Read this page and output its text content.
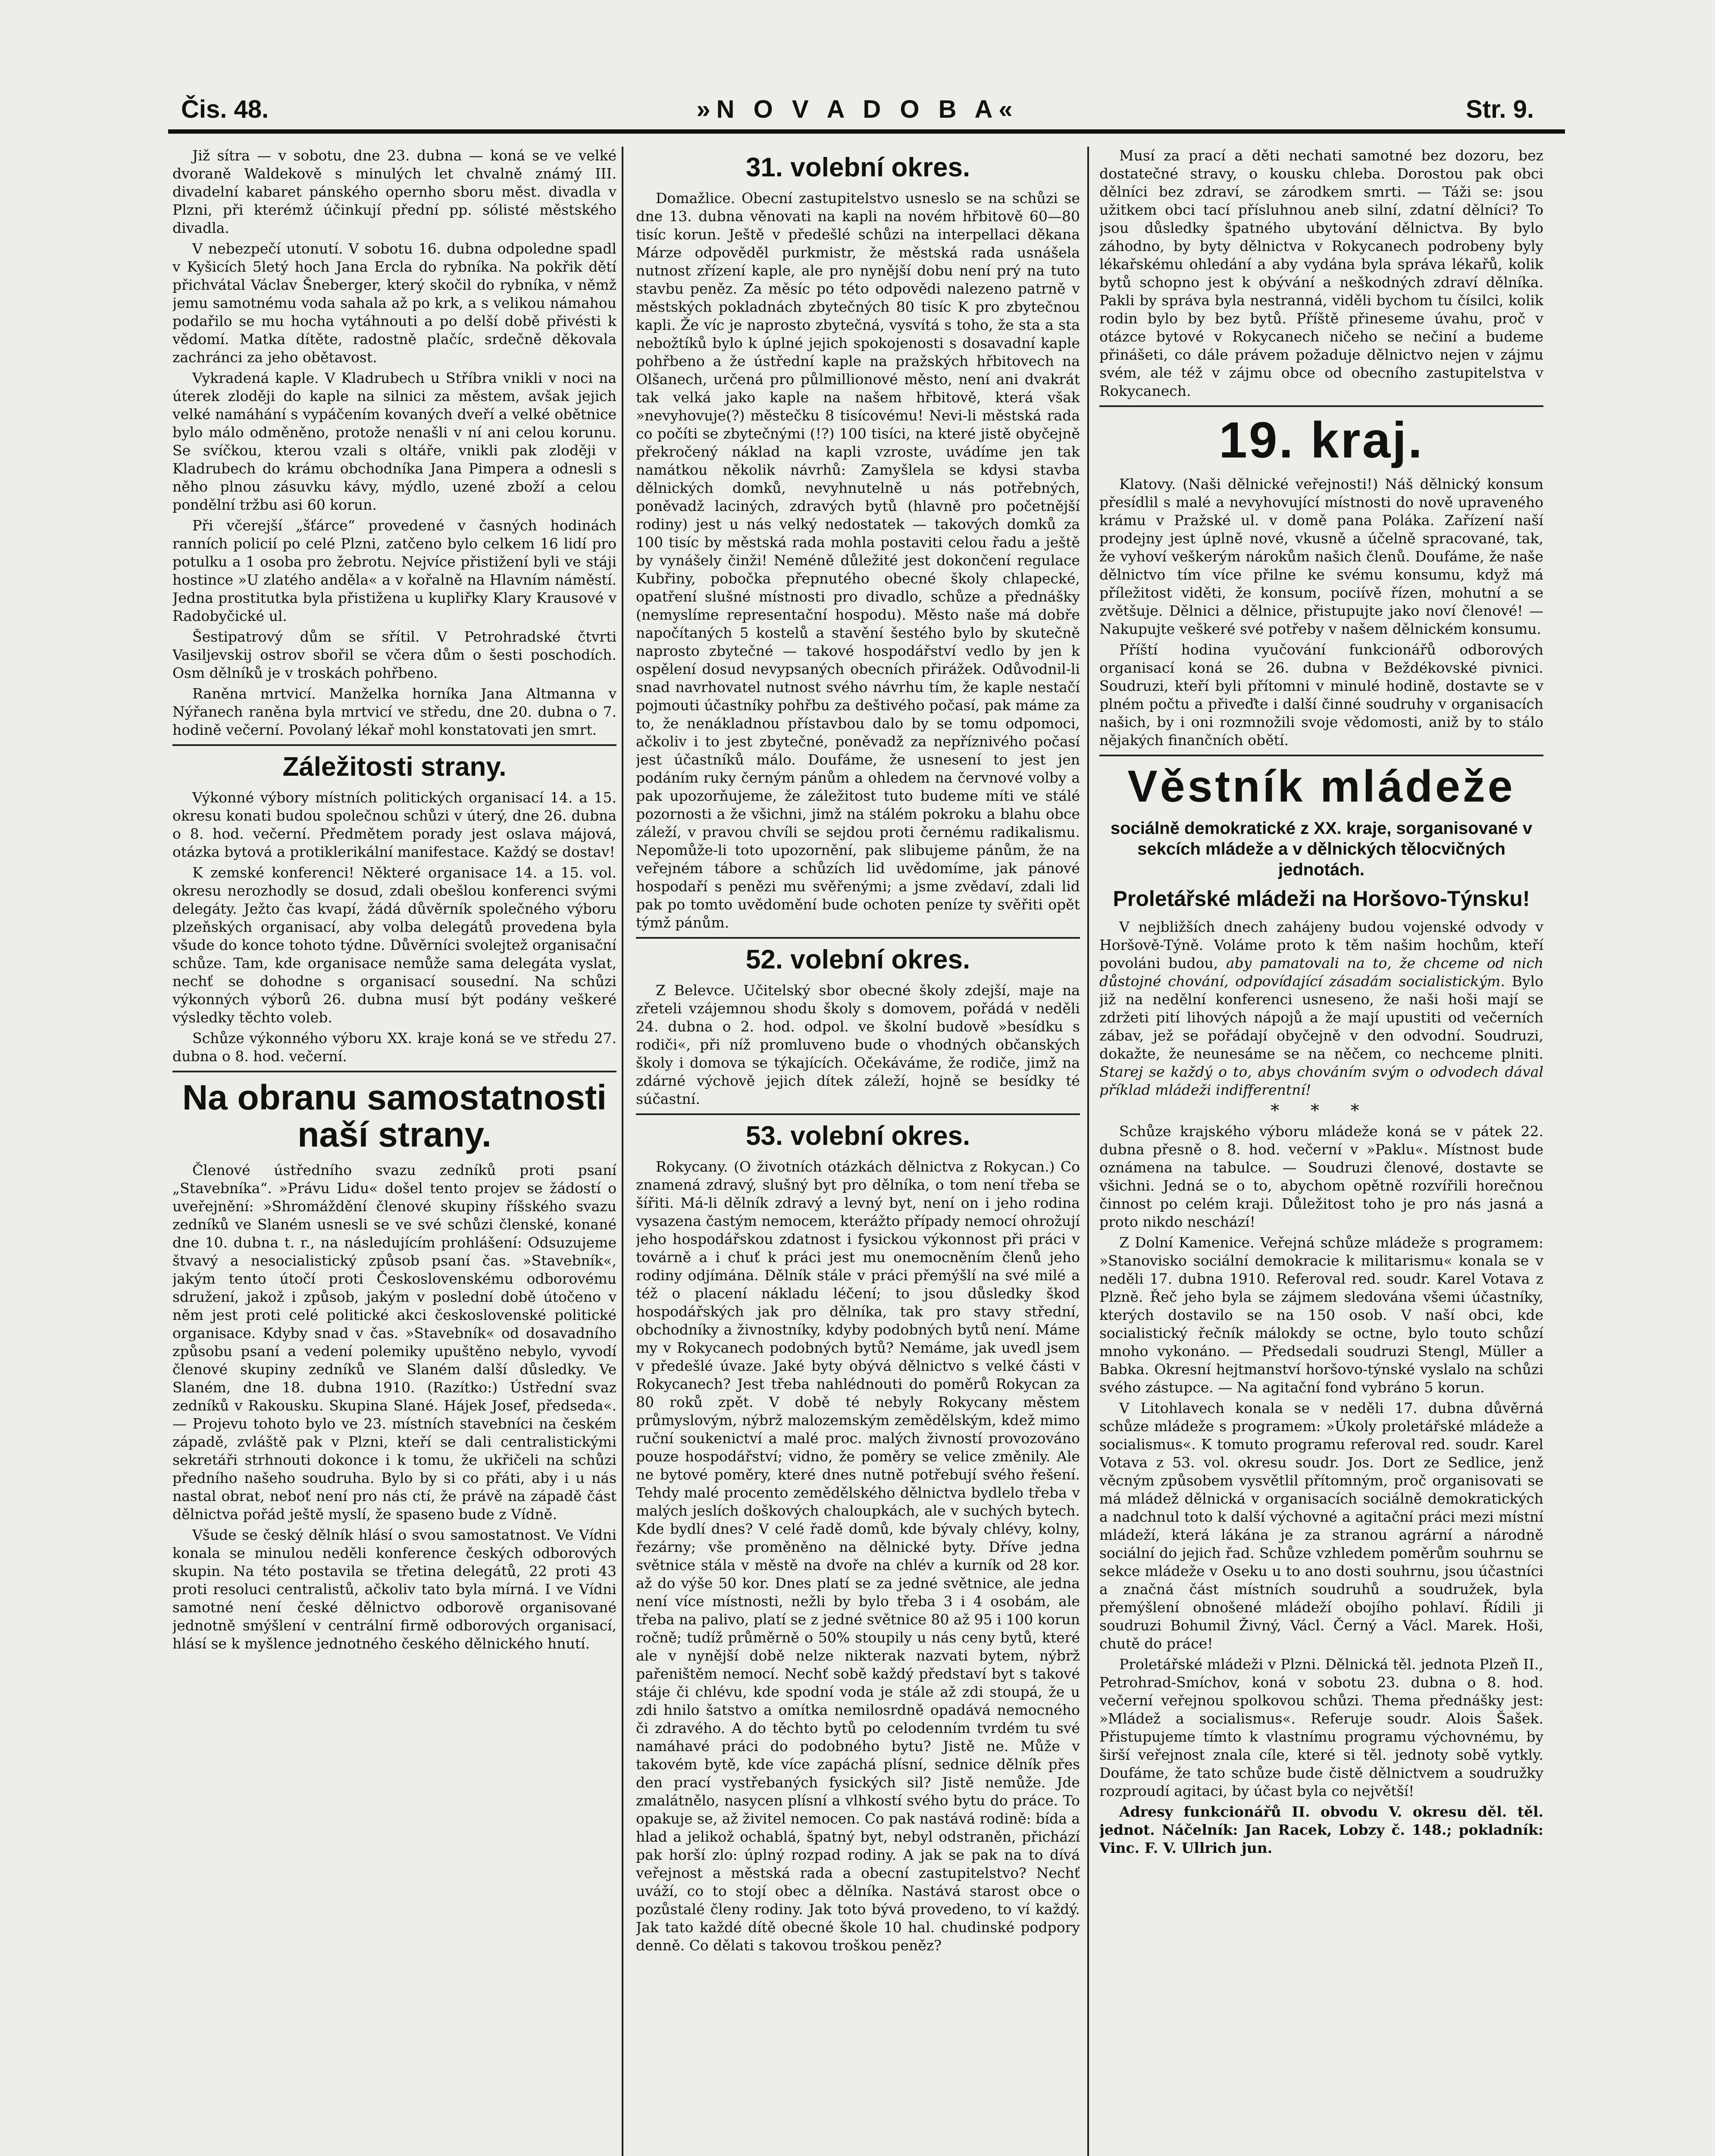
Čis. 48.	»N O V A D O B A«	Str. 9.

Již sítra — v sobotu, dne 23. dubna — koná se ve velké dvoraně Waldekově s minulých let chvalně známý III. divadelní kabaret pánského opernho sboru měst. divadla v Plzni, při kterémž účinkují přední pp. sólisté městského divadla.

V nebezpečí utonutí. V sobotu 16. dubna odpoledne spadl v Kyšicích 5letý hoch Jana Ercla do rybníka. Na pokřik dětí přichvátal Václav Šneberger, který skočil do rybníka, v němž jemu samotnému voda sahala až po krk, a s velikou námahou podařilo se mu hocha vytáhnouti a po delší době přivésti k vědomí. Matka dítěte, radostně plačíc, srdečně děkovala zachránci za jeho obětavost.

Vykradená kaple. V Kladrubech u Stříbra vnikli v noci na úterek zloději do kaple na silnici za městem, avšak jejich velké namáhání s vypáčením kovaných dveří a velké obětnice bylo málo odměněno, protože nenašli v ní ani celou korunu. Se svíčkou, kterou vzali s oltáře, vnikli pak zloději v Kladrubech do krámu obchodníka Jana Pimpera a odnesli s něho plnou zásuvku kávy, mýdlo, uzené zboží a celou pondělní tržbu asi 60 korun.

Při včerejší „šťárce“ provedené v časných hodinách ranních policií po celé Plzni, zatčeno bylo celkem 16 lidí pro potulku a 1 osoba pro žebrotu. Nejvíce přistižení byli ve stáji hostince »U zlatého anděla« a v kořalně na Hlavním náměstí. Jedna prostitutka byla přistižena u kupliřky Klary Krausové v Radobyčické ul.

Šestipatrový dům se sřítil. V Petrohradské čtvrti Vasiljevskij ostrov sbořil se včera dům o šesti poschodích. Osm dělníků je v troskách pohřbeno.

Raněna mrtvicí. Manželka horníka Jana Altmanna v Nýřanech raněna byla mrtvicí ve středu, dne 20. dubna o 7. hodině večerní. Povolaný lékař mohl konstatovati jen smrt.

Záležitosti strany.

Výkonné výbory místních politických organisací 14. a 15. okresu konati budou společnou schůzi v úterý, dne 26. dubna o 8. hod. večerní. Předmětem porady jest oslava májová, otázka bytová a protiklerikální manifestace. Každý se dostav!

K zemské konferenci! Některé organisace 14. a 15. vol. okresu nerozhodly se dosud, zdali obešlou konferenci svými delegáty. Ježto čas kvapí, žádá důvěrník společného výboru plzeňských organisací, aby volba delegátů provedena byla všude do konce tohoto týdne. Důvěrníci svolejtež organisační schůze. Tam, kde organisace nemůže sama delegáta vyslat, nechť se dohodne s organisací sousední. Na schůzi výkonných výborů 26. dubna musí být podány veškeré výsledky těchto voleb.

Schůze výkonného výboru XX. kraje koná se ve středu 27. dubna o 8. hod. večerní.

Na obranu samostatnosti naší strany.

Členové ústředního svazu zedníků proti psaní „Stavebníka“. »Právu Lidu« došel tento projev se žádostí o uveřejnění: »Shromáždění členové skupiny říšského svazu zedníků ve Slaném usnesli se ve své schůzi členské, konané dne 10. dubna t. r., na následujícím prohlášení: Odsuzujeme štvavý a nesocialistický způsob psaní čas. »Stavebník«, jakým tento útočí proti Československému odborovému sdružení, jakož i způsob, jakým v poslední době útočeno v něm jest proti celé politické akci československé politické organisace. Kdyby snad v čas. »Stavebník« od dosavadního způsobu psaní a vedení polemiky upuštěno nebylo, vyvodí členové skupiny zedníků ve Slaném další důsledky. Ve Slaném, dne 18. dubna 1910. (Razítko:) Ústřední svaz zedníků v Rakousku. Skupina Slané. Hájek Josef, předseda«. — Projevu tohoto bylo ve 23. místních stavebníci na českém západě, zvláště pak v Plzni, kteří se dali centralistickými sekretáři strhnouti dokonce i k tomu, že ukřičeli na schůzi předního našeho soudruha. Bylo by si co přáti, aby i u nás nastal obrat, neboť není pro nás ctí, že právě na západě část dělnictva pořád ještě myslí, že spaseno bude z Vídně.

Všude se český dělník hlásí o svou samostatnost. Ve Vídni konala se minulou neděli konference českých odborových skupin. Na této postavila se třetina delegátů, 22 proti 43 proti resoluci centralistů, ačkoliv tato byla mírná. I ve Vídni samotné není české dělnictvo odborově organisované jednotně smýšlení v centrální firmě odborových organisací, hlásí se k myšlence jednotného českého dělnického hnutí.

31. volební okres.

Domažlice. Obecní zastupitelstvo usneslo se na schůzi se dne 13. dubna věnovati na kapli na novém hřbitově 60—80 tisíc korun. Ještě v předešlé schůzi na interpellaci děkana Márze odpověděl purkmistr, že městská rada usnášela nutnost zřízení kaple, ale pro nynější dobu není prý na tuto stavbu peněz. Za měsíc po této odpovědi nalezeno patrně v městských pokladnách zbytečných 80 tisíc K pro zbytečnou kapli. Že víc je naprosto zbytečná, vysvítá s toho, že sta a sta nebožtíků bylo k úplné jejich spokojenosti s dosavadní kaple pohřbeno a že ústřední kaple na pražských hřbitovech na Olšanech, určená pro půlmillionové město, není ani dvakrát tak velká jako kaple na našem hřbitově, která však »nevyhovuje(?) městečku 8 tisícovému! Nevi-li městská rada co počíti se zbytečnými (!?) 100 tisíci, na které jistě obyčejně překročený náklad na kapli vzroste, uvádíme jen tak namátkou několik návrhů: Zamyšlela se kdysi stavba dělnických domků, nevyhnutelně u nás potřebných, poněvadž laciných, zdravých bytů (hlavně pro početnější rodiny) jest u nás velký nedostatek — takových domků za 100 tisíc by městská rada mohla postaviti celou řadu a ještě by vynášely činži! Neméně důležité jest dokončení regulace Kubřiny, pobočka přepnutého obecné školy chlapecké, opatření slušné místnosti pro divadlo, schůze a přednášky (nemyslíme representační hospodu). Město naše má dobře napočítaných 5 kostelů a stavění šestého bylo by skutečně naprosto zbytečné — takové hospodářství vedlo by jen k ospělení dosud nevypsaných obecních přirážek. Odůvodnil-li snad navrhovatel nutnost svého návrhu tím, že kaple nestačí pojmouti účastníky pohřbu za deštivého počasí, pak máme za to, že nenákladnou přístavbou dalo by se tomu odpomoci, ačkoliv i to jest zbytečné, poněvadž za nepříznivého počasí jest účastníků málo. Doufáme, že usnesení to jest jen podáním ruky černým pánům a ohledem na červnové volby a pak upozorňujeme, že záležitost tuto budeme míti ve stálé pozornosti a že všichni, jimž na stálém pokroku a blahu obce záleží, v pravou chvíli se sejdou proti černému radikalismu. Nepomůže-li toto upozornění, pak slibujeme pánům, že na veřejném tábore a schůzích lid uvědomíme, jak pánové hospodaří s penězi mu svěřenými; a jsme zvědaví, zdali lid pak po tomto uvědomění bude ochoten peníze ty svěřiti opět týmž pánům.

52. volební okres.

Z Belevce. Učitelský sbor obecné školy zdejší, maje na zřeteli vzájemnou shodu školy s domovem, pořádá v neděli 24. dubna o 2. hod. odpol. ve školní budově »besídku s rodiči«, při níž promluveno bude o vhodných občanských školy i domova se týkajících. Očekáváme, že rodiče, jimž na zdárné výchově jejich dítek záleží, hojně se besídky té súčastní.

53. volební okres.

Rokycany. (O životních otázkách dělnictva z Rokycan.) Co znamená zdravý, slušný byt pro dělníka, o tom není třeba se šířiti. Má-li dělník zdravý a levný byt, není on i jeho rodina vysazena častým nemocem, kterážto případy nemocí ohrožují jeho hospodářskou zdatnost i fysickou výkonnost při práci v továrně a i chuť k práci jest mu onemocněním členů jeho rodiny odjímána. Dělník stále v práci přemýšlí na své milé a též o placení nákladu léčení; to jsou důsledky škod hospodářských jak pro dělníka, tak pro stavy střední, obchodníky a živnostníky, kdyby podobných bytů není. Máme my v Rokycanech podobných bytů? Nemáme, jak uvedl jsem v předešlé úvaze. Jaké byty obývá dělnictvo s velké části v Rokycanech? Jest třeba nahlédnouti do poměrů Rokycan za 80 roků zpět. V době té nebyly Rokycany městem průmyslovým, nýbrž malozemským zemědělským, kdež mimo ruční soukenictví a malé proc. malých živností provozováno pouze hospodářství; vidno, že poměry se velice změnily. Ale ne bytové poměry, které dnes nutně potřebují svého řešení. Tehdy malé procento zemědělského dělnictva bydlelo třeba v malých jeslích doškových chaloupkách, ale v suchých bytech. Kde bydlí dnes? V celé řadě domů, kde bývaly chlévy, kolny, řezárny; vše proměněno na dělnické byty. Dříve jedna světnice stála v městě na dvoře na chlév a kurník od 28 kor. až do výše 50 kor. Dnes platí se za jedné světnice, ale jedna není více místnosti, nežli by bylo třeba 3 i 4 osobám, ale třeba na palivo, platí se z jedné světnice 80 až 95 i 100 korun ročně; tudíž průměrně o 50% stoupily u nás ceny bytů, které ale v nynější době nelze nikterak nazvati bytem, nýbrž pařeništěm nemocí. Nechť sobě každý představí byt s takové stáje či chlévu, kde spodní voda je stále až zdi stoupá, že u zdi hnilo šatstvo a omítka nemilosrdně opadává nemocného či zdravého. A do těchto bytů po celodenním tvrdém tu své namáhavé práci do podobného bytu? Jistě ne. Může v takovém bytě, kde více zapáchá plísní, sednice dělník přes den prací vystřebaných fysických sil? Jistě nemůže. Jde zmalátnělo, nasycen plísní a vlhkostí svého bytu do práce. To opakuje se, až živitel nemocen. Co pak nastává rodině: bída a hlad a jelikož ochablá, špatný byt, nebyl odstraněn, přichází pak horší zlo: úplný rozpad rodiny. A jak se pak na to dívá veřejnost a městská rada a obecní zastupitelstvo? Nechť uváží, co to stojí obec a dělníka. Nastává starost obce o pozůstalé členy rodiny. Jak toto bývá provedeno, to ví každý. Jak tato každé dítě obecné škole 10 hal. chudinské podpory denně. Co dělati s takovou troškou peněz?

Musí za prací a děti nechati samotné bez dozoru, bez dostatečné stravy, o kousku chleba. Dorostou pak obci dělníci bez zdraví, se zárodkem smrti. — Táži se: jsou užitkem obci tací přísluhnou aneb silní, zdatní dělníci? To jsou důsledky špatného ubytování dělnictva. By bylo záhodno, by byty dělnictva v Rokycanech podrobeny byly lékařskému ohledání a aby vydána byla správa lékařů, kolik bytů schopno jest k obývání a neškodných zdraví dělníka. Pakli by správa byla nestranná, viděli bychom tu čísilci, kolik rodin bylo by bez bytů. Příště přineseme úvahu, proč v otázce bytové v Rokycanech ničeho se nečiní a budeme přinášeti, co dále právem požaduje dělnictvo nejen v zájmu svém, ale též v zájmu obce od obecního zastupitelstva v Rokycanech.

19. kraj.

Klatovy. (Naši dělnické veřejnosti!) Náš dělnický konsum přesídlil s malé a nevyhovující místnosti do nově upraveného krámu v Pražské ul. v domě pana Poláka. Zařízení naší prodejny jest úplně nové, vkusně a účelně spracované, tak, že vyhoví veškerým nárokům našich členů. Doufáme, že naše dělnictvo tím více přilne ke svému konsumu, když má příležitost viděti, že konsum, pociívě řízen, mohutní a se zvětšuje. Dělnici a dělnice, přistupujte jako noví členové! — Nakupujte veškeré své potřeby v našem dělnickém konsumu.

Příští hodina vyučování funkcionářů odborových organisací koná se 26. dubna v Beždékovské pivnici. Soudruzi, kteří byli přítomni v minulé hodině, dostavte se v plném počtu a přiveďte i další činné soudruhy v organisacích našich, by i oni rozmnožili svoje vědomosti, aniž by to stálo nějakých finančních obětí.

Věstník mládeže
sociálně demokratické z XX. kraje, sorganisované v sekcích mládeže a v dělnických tělocvičných jednotách.
Proletářské mládeži na Horšovo-Týnsku!

V nejbližších dnech zahájeny budou vojenské odvody v Horšově-Týně. Voláme proto k těm našim hochům, kteří povoláni budou, aby pamatovali na to, že chceme od nich důstojné chování, odpovídající zásadám socialistickým. Bylo již na nedělní konferenci usneseno, že naši hoši mají se zdržeti pití lihových nápojů a že mají upustiti od večerních zábav, jež se pořádají obyčejně v den odvodní. Soudruzi, dokažte, že neunesáme se na něčem, co nechceme plniti. Starej se každý o to, abys chováním svým o odvodech dával příklad mládeži indifferentní!

* * *

Schůze krajského výboru mládeže koná se v pátek 22. dubna přesně o 8. hod. večerní v »Paklu«. Místnost bude oznámena na tabulce. — Soudruzi členové, dostavte se všichni. Jedná se o to, abychom opětně rozvířili horečnou činnost po celém kraji. Důležitost toho je pro nás jasná a proto nikdo neschází!

Z Dolní Kamenice. Veřejná schůze mládeže s programem: »Stanovisko sociální demokracie k militarismu« konala se v neděli 17. dubna 1910. Referoval red. soudr. Karel Votava z Plzně. Řeč jeho byla se zájmem sledována všemi účastníky, kterých dostavilo se na 150 osob. V naší obci, kde socialistický řečník málokdy se octne, bylo touto schůzí mnoho vykonáno. — Předsedali soudruzi Stengl, Müller a Babka. Okresní hejtmanství horšovo-týnské vyslalo na schůzi svého zástupce. — Na agitační fond vybráno 5 korun.

V Litohlavech konala se v neděli 17. dubna důvěrná schůze mládeže s programem: »Úkoly proletářské mládeže a socialismus«. K tomuto programu referoval red. soudr. Karel Votava z 53. vol. okresu soudr. Jos. Dort ze Sedlice, jenž věcným způsobem vysvětlil přítomným, proč organisovati se má mládež dělnická v organisacích sociálně demokratických a nadchnul toto k další výchovné a agitační práci mezi místní mládeží, která lákána je za stranou agrární a národně sociální do jejich řad. Schůze vzhledem poměrům souhrnu se sekce mládeže v Oseku u to ano dosti souhrnu, jsou účastníci a značná část místních soudruhů a soudružek, byla přemýšlení obnošené mládeží obojího pohlaví. Řídili ji soudruzi Bohumil Živný, Václ. Černý a Václ. Marek. Hoši, chutě do práce!

Proletářské mládeži v Plzni. Dělnická těl. jednota Plzeň II., Petrohrad-Smíchov, koná v sobotu 23. dubna o 8. hod. večerní veřejnou spolkovou schůzi. Thema přednášky jest: »Mládež a socialismus«. Referuje soudr. Alois Šašek. Přistupujeme tímto k vlastnímu programu výchovnému, by širší veřejnost znala cíle, které si těl. jednoty sobě vytkly. Doufáme, že tato schůze bude čistě dělnictvem a soudružky rozproudí agitaci, by účast byla co největší!

Adresy funkcionářů II. obvodu V. okresu děl. těl. jednot. Náčelník: Jan Racek, Lobzy č. 148.; pokladník: Vinc. F. V. Ullrich jun.
